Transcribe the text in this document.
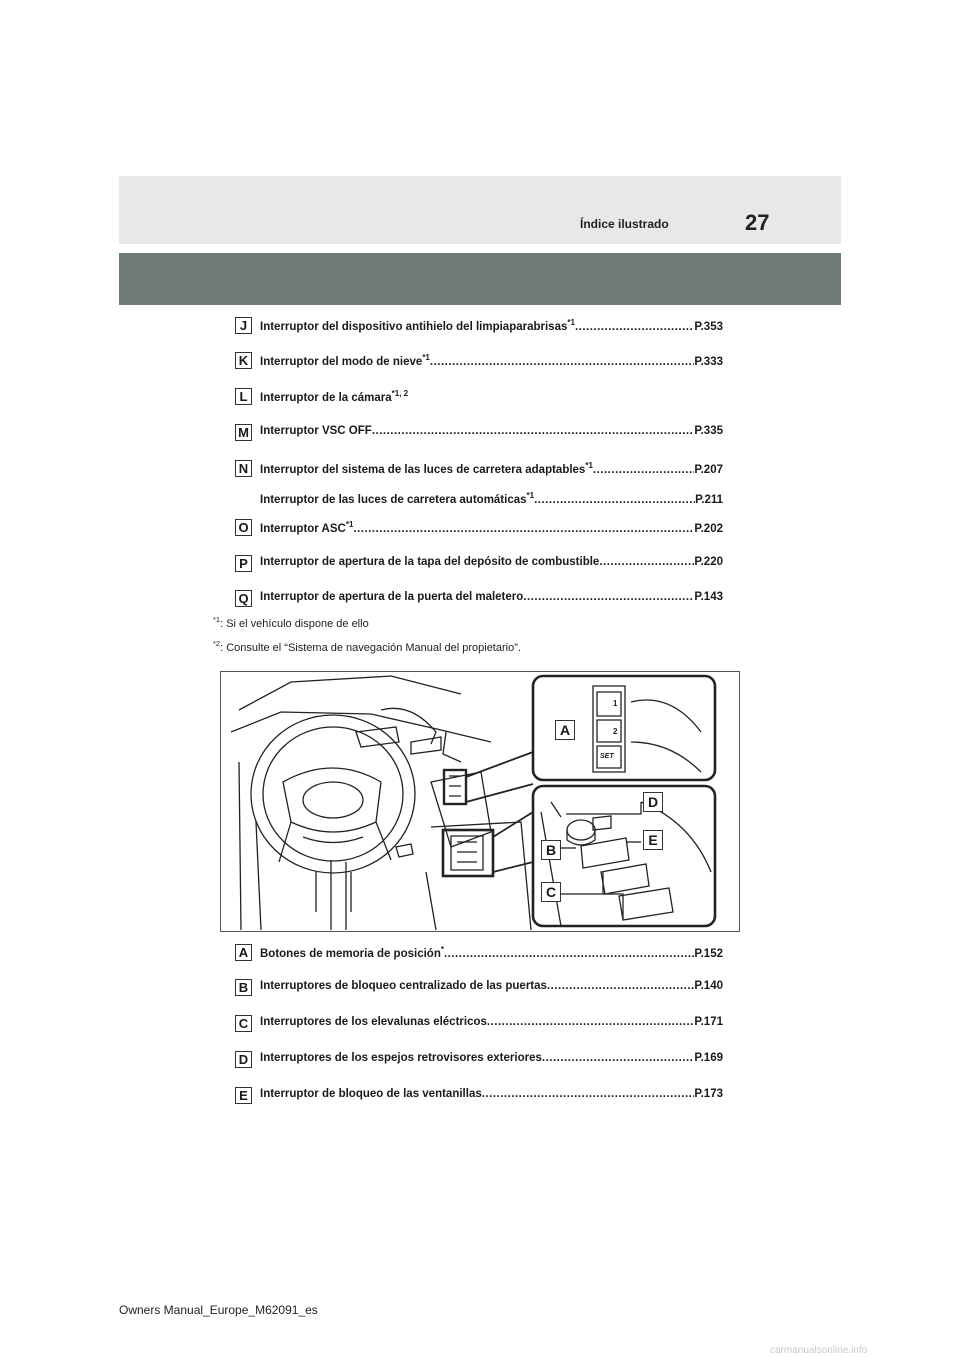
Índice ilustrado	27
J	Interruptor del dispositivo antihielo del limpiaparabrisas$^{*1}$ .....	P.353
K	Interruptor del modo de nieve$^{*1}$ .....	P.333
L	Interruptor de la cámara$^{*1, 2}$
M Interruptor VSC OFF .....	P.335
N	Interruptor del sistema de las luces de carretera adaptables$^{*1}$ .....	P.207
Interruptor de las luces de carretera automáticas$^{*1}$ .....	P.211
O Interruptor ASC$^{*1}$ .....	P.202
P	Interruptor de apertura de la tapa del depósito de combustible .....	P.220
Q Interruptor de apertura de la puerta del maletero .....	P.143
$^{*1}$: Si el vehículo dispone de ello
$^{*2}$: Consulte el “Sistema de navegación Manual del propietario”.
A
D
E
B
C
1
2
SET
A	Botones de memoria de posición* .....	P.152
B	Interruptores de bloqueo centralizado de las puertas .....	P.140
C	Interruptores de los elevalunas eléctricos .....	P.171
D	Interruptores de los espejos retrovisores exteriores .....	P.169
E	Interruptor de bloqueo de las ventanillas .....	P.173
Owners Manual_Europe_M62091_es
carmanualsonline.info
